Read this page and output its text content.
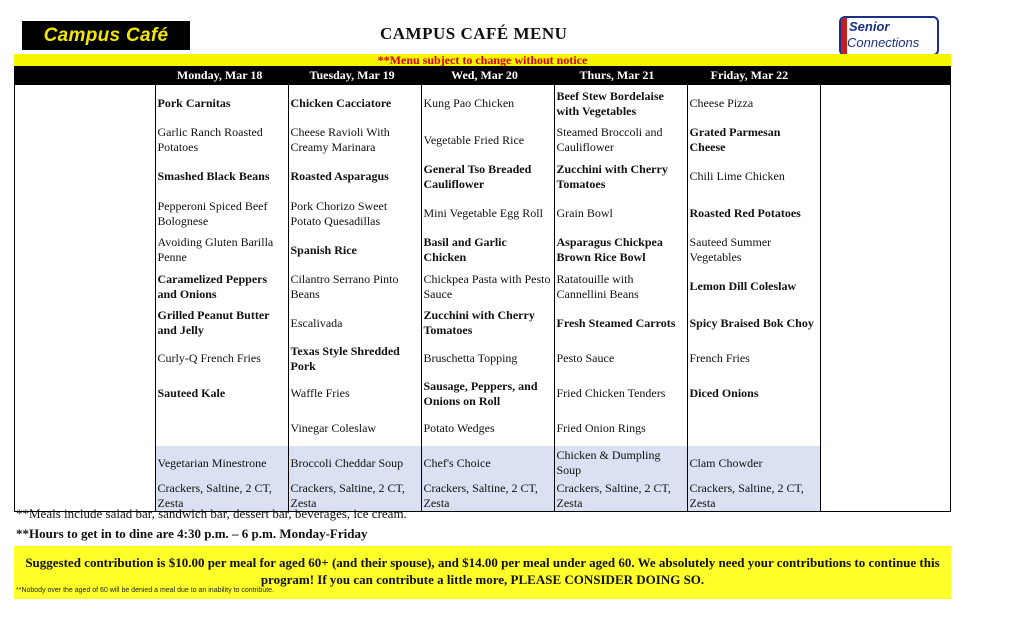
Campus Café	CAMPUS CAFÉ MENU	Senior
Connections
**Menu subject to change without notice
Monday, Mar 18	Tuesday, Mar 19	Wed, Mar 20	Thurs, Mar 21	Friday, Mar 22
	Pork Carnitas	Chicken Cacciatore	Kung Pao Chicken	Beef Stew Bordelaise with Vegetables	Cheese Pizza	
	Garlic Ranch Roasted Potatoes	Cheese Ravioli With Creamy Marinara	Vegetable Fried Rice	Steamed Broccoli and Cauliflower	Grated Parmesan Cheese	
	Smashed Black Beans	Roasted Asparagus	General Tso Breaded Cauliflower	Zucchini with Cherry Tomatoes	Chili Lime Chicken	
	Pepperoni Spiced Beef Bolognese	Pork Chorizo Sweet Potato Quesadillas	Mini Vegetable Egg Roll	Grain Bowl	Roasted Red Potatoes	
	Avoiding Gluten Barilla Penne	Spanish Rice	Basil and Garlic Chicken	Asparagus Chickpea Brown Rice Bowl	Sauteed Summer Vegetables	
	Caramelized Peppers and Onions	Cilantro Serrano Pinto Beans	Chickpea Pasta with Pesto Sauce	Ratatouille with Cannellini Beans	Lemon Dill Coleslaw	
	Grilled Peanut Butter and Jelly	Escalivada	Zucchini with Cherry Tomatoes	Fresh Steamed Carrots	Spicy Braised Bok Choy	
	Curly-Q French Fries	Texas Style Shredded Pork	Bruschetta Topping	Pesto Sauce	French Fries	
	Sauteed Kale	Waffle Fries	Sausage, Peppers, and Onions on Roll	Fried Chicken Tenders	Diced Onions	
		Vinegar Coleslaw	Potato Wedges	Fried Onion Rings		
	Vegetarian Minestrone	Broccoli Cheddar Soup	Chef's Choice	Chicken & Dumpling Soup	Clam Chowder	
	Crackers, Saltine, 2 CT, Zesta	Crackers, Saltine, 2 CT, Zesta	Crackers, Saltine, 2 CT, Zesta	Crackers, Saltine, 2 CT, Zesta	Crackers, Saltine, 2 CT, Zesta	
**Meals include salad bar, sandwich bar, dessert bar, beverages, ice cream.
**Hours to get in to dine are 4:30 p.m. – 6 p.m. Monday-Friday
Suggested contribution is $10.00 per meal for aged 60+ (and their spouse), and $14.00 per meal under aged 60. We absolutely need your contributions to continue this program! If you can contribute a little more, PLEASE CONSIDER DOING SO.
**Nobody over the aged of 60 will be denied a meal due to an inability to contribute.
